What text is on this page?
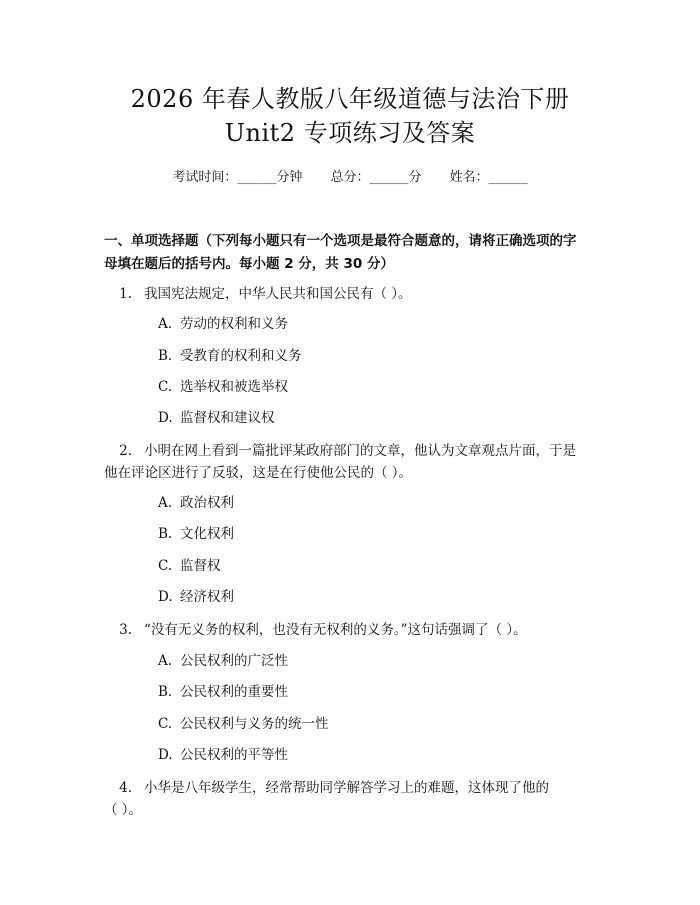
2026 年春人教版八年级道德与法治下册
Unit2 专项练习及答案
考试时间：______分钟 总分：______分 姓名：______
一、单项选择题（下列每小题只有一个选项是最符合题意的，请将正确选项的字
母填在题后的括号内。每小题 2 分，共 30 分）
1. 我国宪法规定，中华人民共和国公民有（ ）。
A. 劳动的权利和义务
B. 受教育的权利和义务
C. 选举权和被选举权
D. 监督权和建议权
2. 小明在网上看到一篇批评某政府部门的文章，他认为文章观点片面，于是
他在评论区进行了反驳，这是在行使他公民的（ ）。
A. 政治权利
B. 文化权利
C. 监督权
D. 经济权利
3. “没有无义务的权利，也没有无权利的义务。”这句话强调了（ ）。
A. 公民权利的广泛性
B. 公民权利的重要性
C. 公民权利与义务的统一性
D. 公民权利的平等性
4. 小华是八年级学生，经常帮助同学解答学习上的难题，这体现了他的
（ ）。
